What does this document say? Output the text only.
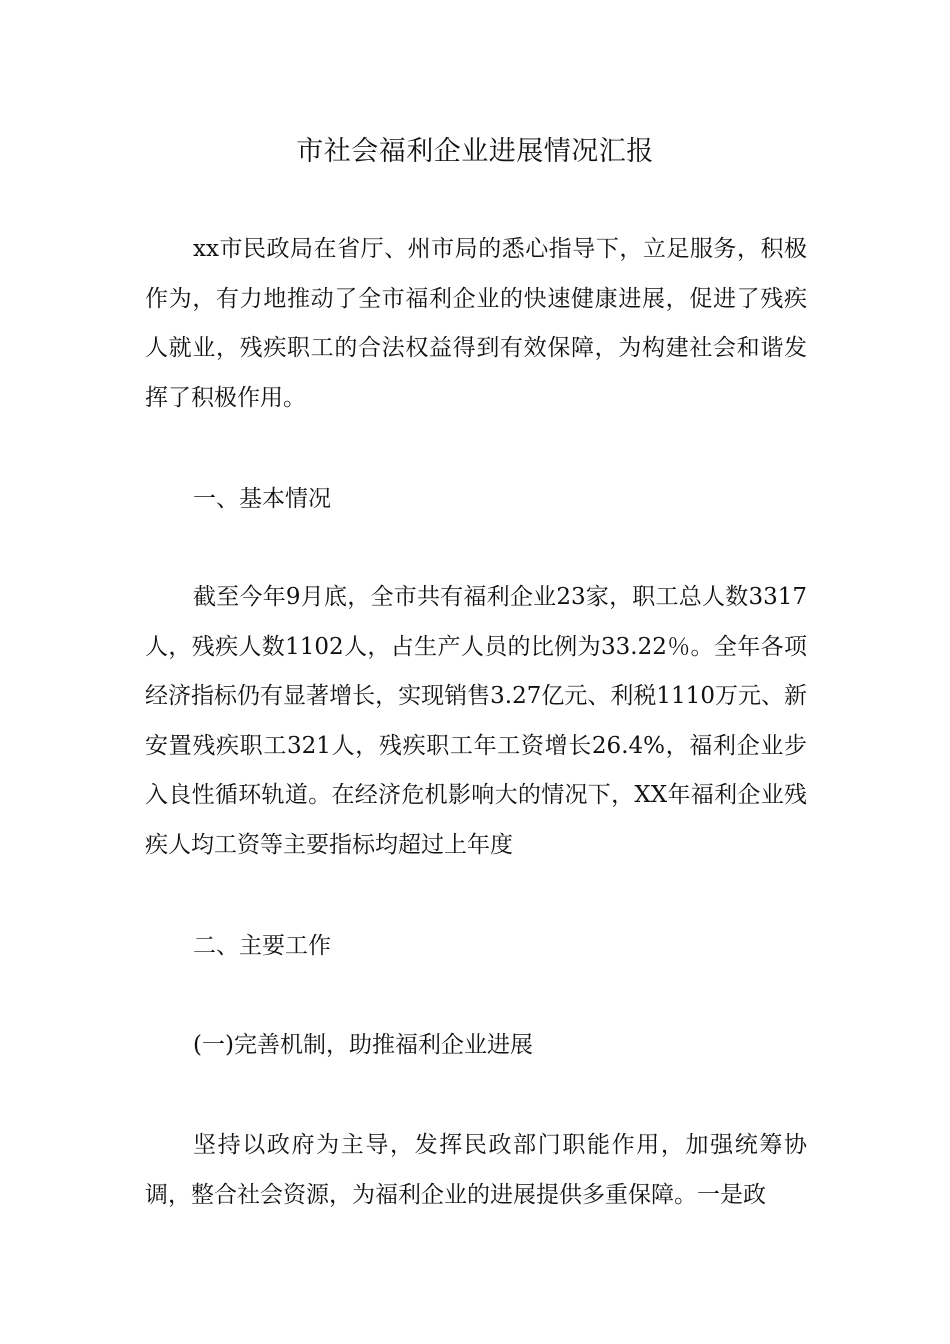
市社会福利企业进展情况汇报
xx市民政局在省厅、州市局的悉心指导下，立足服务，积极作为，有力地推动了全市福利企业的快速健康进展，促进了残疾人就业，残疾职工的合法权益得到有效保障，为构建社会和谐发挥了积极作用。
一、基本情况
截至今年9月底，全市共有福利企业23家，职工总人数3317人，残疾人数1102人，占生产人员的比例为33.22％。全年各项经济指标仍有显著增长，实现销售3.27亿元、利税1110万元、新安置残疾职工321人，残疾职工年工资增长26.4%，福利企业步入良性循环轨道。在经济危机影响大的情况下，XX年福利企业残疾人均工资等主要指标均超过上年度
二、主要工作
(一)完善机制，助推福利企业进展
坚持以政府为主导，发挥民政部门职能作用，加强统筹协调，整合社会资源，为福利企业的进展提供多重保障。一是政
